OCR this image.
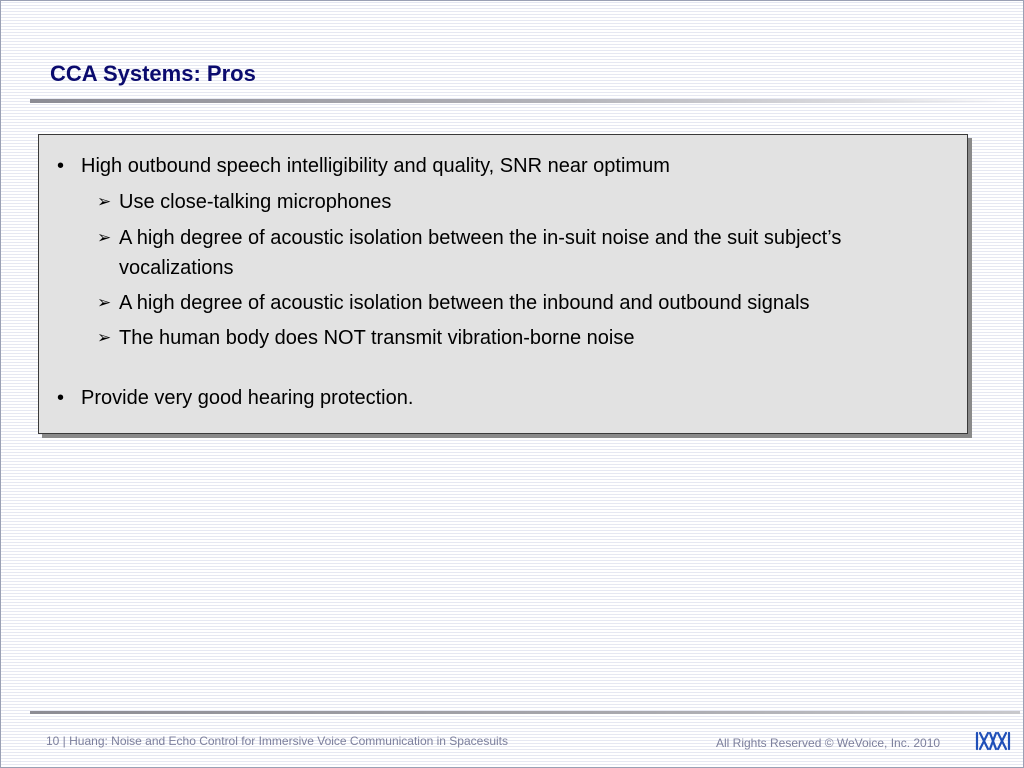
CCA Systems: Pros
• High outbound speech intelligibility and quality, SNR near optimum
➢ Use close-talking microphones
➢ A high degree of acoustic isolation between the in-suit noise and the suit subject’s vocalizations
➢ A high degree of acoustic isolation between the inbound and outbound signals
➢ The human body does NOT transmit vibration-borne noise
• Provide very good hearing protection.
10 | Huang: Noise and Echo Control for Immersive Voice Communication in Spacesuits	All Rights Reserved © WeVoice, Inc. 2010
